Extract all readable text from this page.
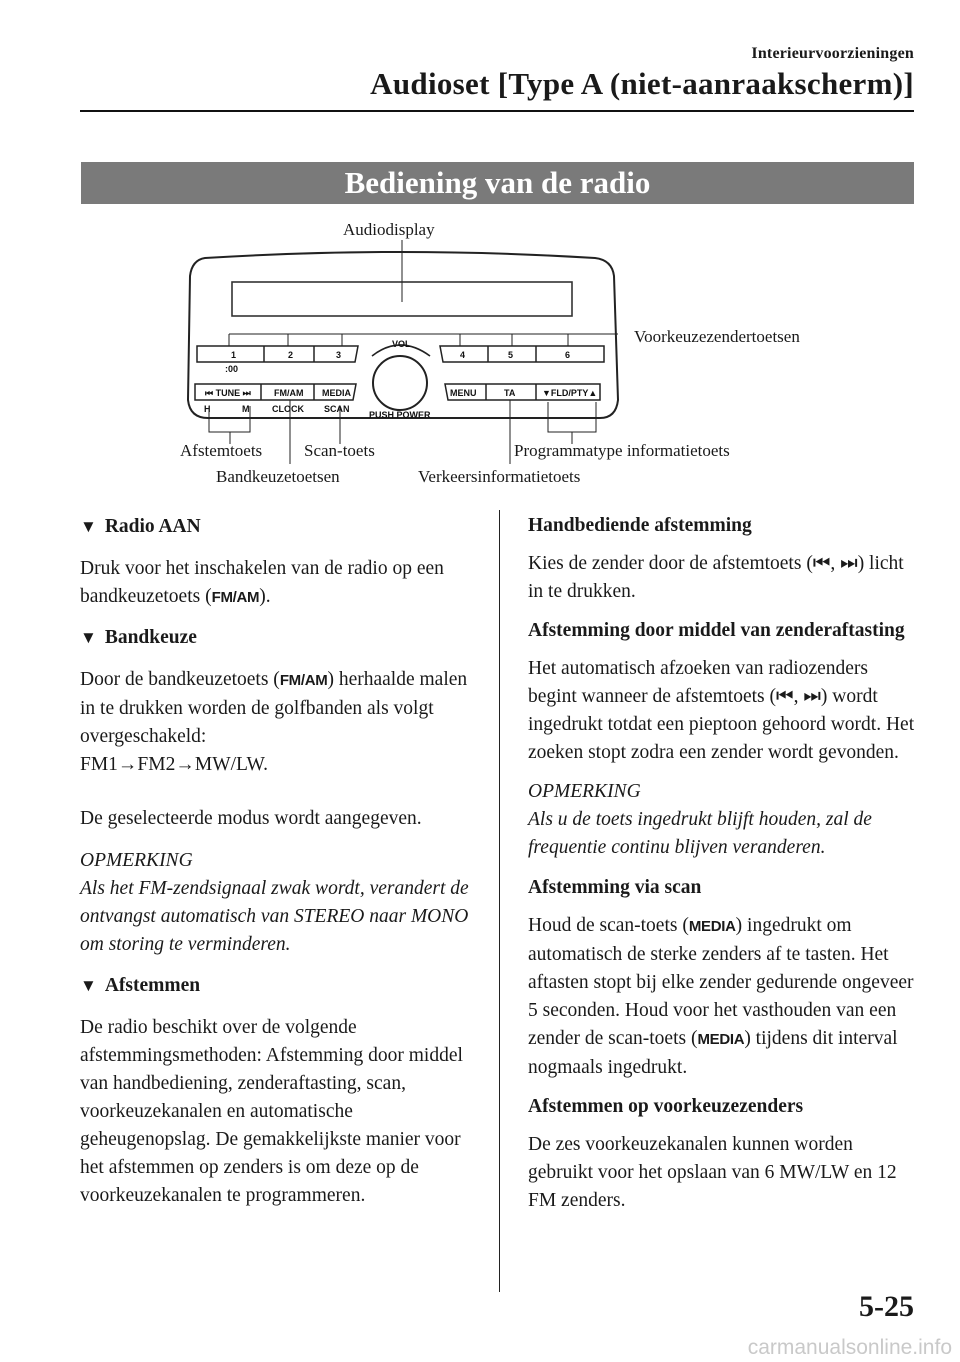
Interieurvoorzieningen
Audioset [Type A (niet-aanraakscherm)]
Bediening van de radio
1	2	3	4	5	6
:00
VOL
PUSH POWER
⏮ TUNE ⏭	FM/AM MEDIA
H	M	CLOCK SCAN
MENU	TA	▼FLD/PTY▲
Audiodisplay
Voorkeuzezendertoetsen
Afstemtoets Scan-toets	Programmatype informatietoets
Bandkeuzetoetsen	Verkeersinformatietoets
▼ Radio AAN

Druk voor het inschakelen van de radio op een bandkeuzetoets (FM/AM).

▼ Bandkeuze

Door de bandkeuzetoets (FM/AM) herhaalde malen in te drukken worden de golfbanden als volgt overgeschakeld:

FM1→FM2→MW/LW.

De geselecteerde modus wordt aangegeven.

OPMERKING

Als het FM-zendsignaal zwak wordt, verandert de ontvangst automatisch van STEREO naar MONO om storing te verminderen.

▼ Afstemmen

De radio beschikt over de volgende afstemmingsmethoden: Afstemming door middel van handbediening, zenderaftasting, scan, voorkeuzekanalen en automatische geheugenopslag. De gemakkelijkste manier voor het afstemmen op zenders is om deze op de voorkeuzekanalen te programmeren.

Handbediende afstemming

Kies de zender door de afstemtoets (⏮, ⏭) licht in te drukken.

Afstemming door middel van zenderaftasting

Het automatisch afzoeken van radiozenders begint wanneer de afstemtoets (⏮, ⏭) wordt ingedrukt totdat een pieptoon gehoord wordt. Het zoeken stopt zodra een zender wordt gevonden.

OPMERKING

Als u de toets ingedrukt blijft houden, zal de frequentie continu blijven veranderen.

Afstemming via scan

Houd de scan-toets (MEDIA) ingedrukt om automatisch de sterke zenders af te tasten. Het aftasten stopt bij elke zender gedurende ongeveer 5 seconden. Houd voor het vasthouden van een zender de scan-toets (MEDIA) tijdens dit interval nogmaals ingedrukt.

Afstemmen op voorkeuzezenders

De zes voorkeuzekanalen kunnen worden gebruikt voor het opslaan van 6 MW/LW en 12 FM zenders.

5-25
carmanualsonline.info
